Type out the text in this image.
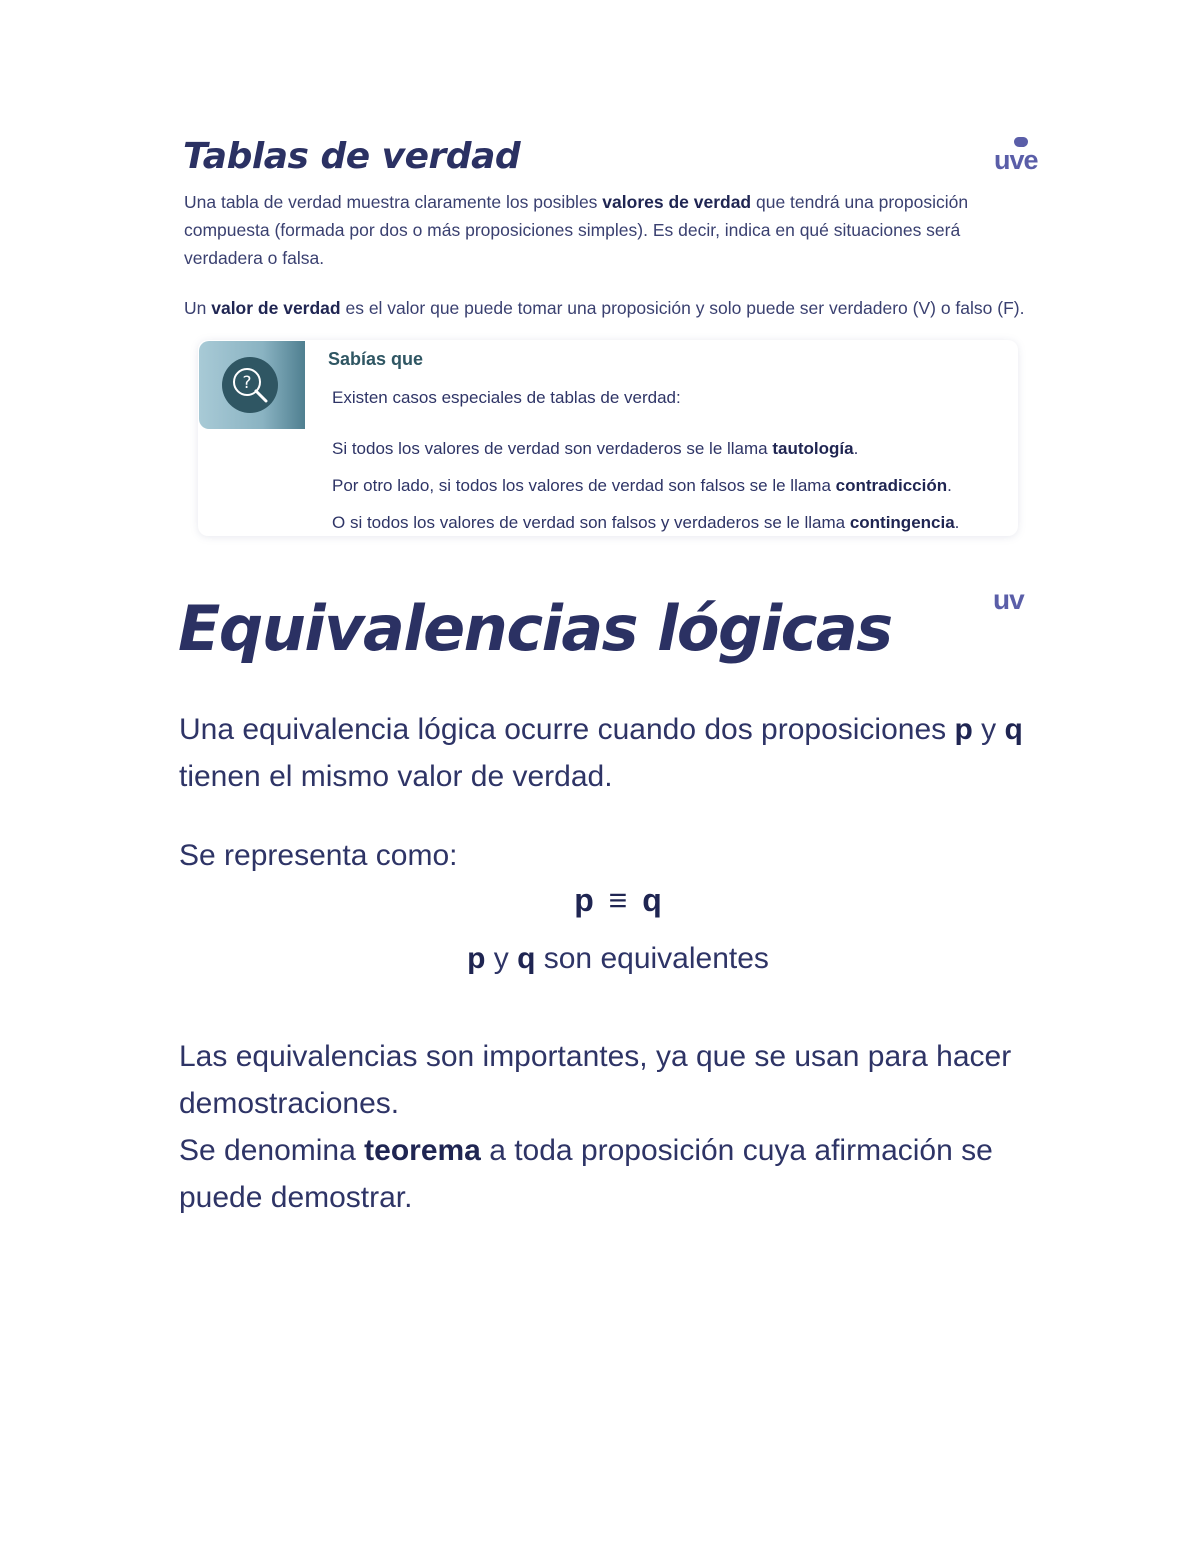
Tablas de verdad	uve

Una tabla de verdad muestra claramente los posibles valores de verdad que tendrá una proposición
compuesta (formada por dos o más proposiciones simples). Es decir, indica en qué situaciones será
verdadera o falsa.

Un valor de verdad es el valor que puede tomar una proposición y solo puede ser verdadero (V) o falso (F).

?

Sabías que

Existen casos especiales de tablas de verdad:

Si todos los valores de verdad son verdaderos se le llama tautología.

Por otro lado, si todos los valores de verdad son falsos se le llama contradicción.

O si todos los valores de verdad son falsos y verdaderos se le llama contingencia.

Equivalencias lógicas	uv

Una equivalencia lógica ocurre cuando dos proposiciones p y q
tienen el mismo valor de verdad.

Se representa como:

p ≡ q

p y q son equivalentes

Las equivalencias son importantes, ya que se usan para hacer
demostraciones.
Se denomina teorema a toda proposición cuya afirmación se
puede demostrar.
